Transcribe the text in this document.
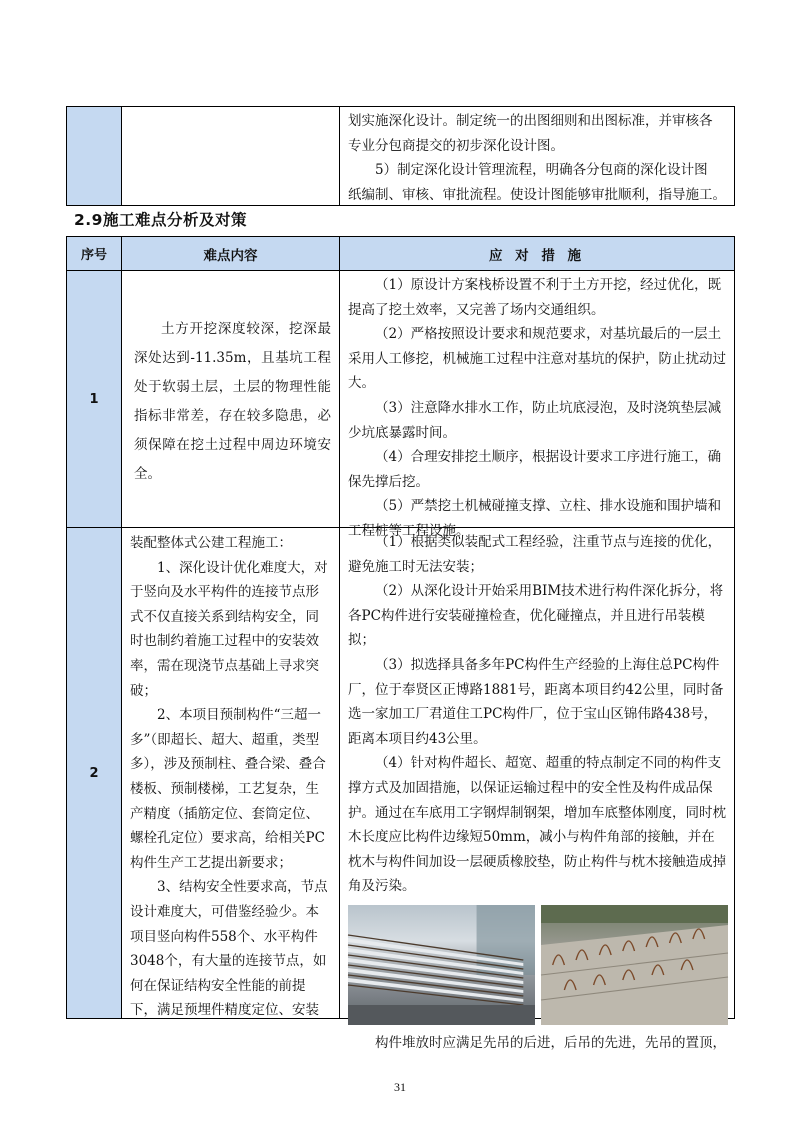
划实施深化设计。制定统一的出图细则和出图标准，并审核各
专业分包商提交的初步深化设计图。
5）制定深化设计管理流程，明确各分包商的深化设计图
纸编制、审核、审批流程。使设计图能够审批顺利，指导施工。
2.9施工难点分析及对策
序号	难点内容	应 对 措 施
1

土方开挖深度较深，挖深最深处达到-11.35m，且基坑工程处于软弱土层，土层的物理性能指标非常差，存在较多隐患，必须保障在挖土过程中周边环境安全。

（1）原设计方案栈桥设置不利于土方开挖，经过优化，既提高了挖土效率，又完善了场内交通组织。

（2）严格按照设计要求和规范要求，对基坑最后的一层土采用人工修挖，机械施工过程中注意对基坑的保护，防止扰动过大。

（3）注意降水排水工作，防止坑底浸泡，及时浇筑垫层减少坑底暴露时间。

（4）合理安排挖土顺序，根据设计要求工序进行施工，确保先撑后挖。

（5）严禁挖土机械碰撞支撑、立柱、排水设施和围护墙和工程桩等工程设施。

2

装配整体式公建工程施工：

1、深化设计优化难度大，对于竖向及水平构件的连接节点形式不仅直接关系到结构安全，同时也制约着施工过程中的安装效率，需在现浇节点基础上寻求突破；

2、本项目预制构件“三超一多”（即超长、超大、超重，类型多），涉及预制柱、叠合梁、叠合楼板、预制楼梯，工艺复杂，生产精度（插筋定位、套筒定位、螺栓孔定位）要求高，给相关PC构件生产工艺提出新要求；

3、结构安全性要求高，节点设计难度大，可借鉴经验少。本项目竖向构件558个、水平构件3048个，有大量的连接节点，如何在保证结构安全性能的前提下，满足预埋件精度定位、安装

（1）根据类似装配式工程经验，注重节点与连接的优化，避免施工时无法安装；

（2）从深化设计开始采用BIM技术进行构件深化拆分，将各PC构件进行安装碰撞检查，优化碰撞点，并且进行吊装模拟；

（3）拟选择具备多年PC构件生产经验的上海住总PC构件厂，位于奉贤区正博路1881号，距离本项目约42公里，同时备选一家加工厂君道住工PC构件厂，位于宝山区锦伟路438号，距离本项目约43公里。

（4）针对构件超长、超宽、超重的特点制定不同的构件支撑方式及加固措施，以保证运输过程中的安全性及构件成品保护。通过在车底用工字钢焊制钢架，增加车底整体刚度，同时枕木长度应比构件边缘短50mm，减小与构件角部的接触，并在枕木与构件间加设一层硬质橡胶垫，防止构件与枕木接触造成掉角及污染。

构件堆放时应满足先吊的后进，后吊的先进，先吊的置顶，

31
